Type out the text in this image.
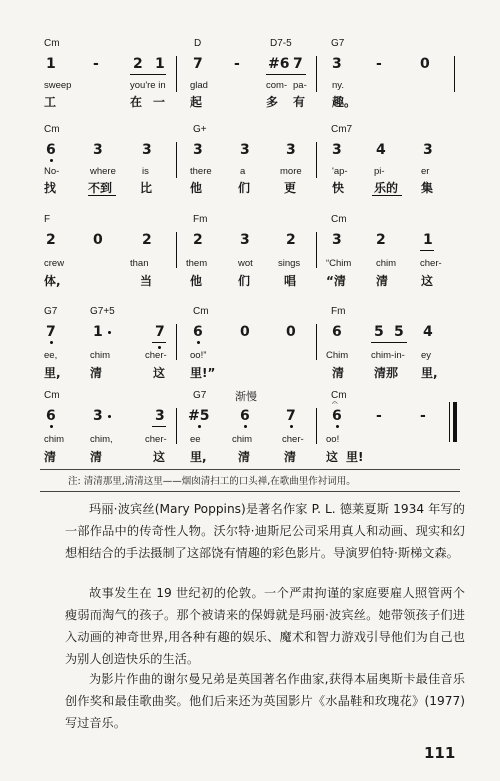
Cm	D	D7-5	G7
1	- 2 1 7 - #6 7 3 -	0
sweep	you're in	glad	com- pa-	ny.
工	在 一 起	多 有 趣。
Cm	G+	Cm7
6	3	3	3	3	3	3 4	3
No-	where	is	there	a	more	'ap-	pi-	er
找	不到 比	他	们	更	快 乐的 集
F	Fm	Cm
2	0	2	2	3	2	3 2	1
crew	than	them	wot	sings	“Chim	chim	cher-
体,	当	他	们	唱 “清	清	这
G7	G7+5	Cm	Fm
7	1	7 6	0	0	6 5 5 4
ee,	chim	cher- oo!”	Chim chim-in- ey
里, 清	这 里!”	清 清那 里,
Cm	G7	渐慢	Cm
𝄐
6	3	3 #5 6	7	6 -	-
chim	chim,	cher- ee	chim	cher- oo!
清	清	这 里,	清	清 这 里!
注: 清清那里,清清这里——烟囱清扫工的口头禅,在歌曲里作衬词用。

玛丽·波宾丝(Mary Poppins)是著名作家 P. L. 德莱夏斯 1934 年写的一部作品中的传奇性人物。沃尔特·迪斯尼公司采用真人和动画、现实和幻想相结合的手法摄制了这部饶有情趣的彩色影片。导演罗伯特·斯梯文森。

故事发生在 19 世纪初的伦敦。一个严肃拘谨的家庭要雇人照管两个瘦弱而淘气的孩子。那个被请来的保姆就是玛丽·波宾丝。她带领孩子们进入动画的神奇世界,用各种有趣的娱乐、魔术和智力游戏引导他们为自己也为别人创造快乐的生活。

为影片作曲的谢尔曼兄弟是英国著名作曲家,获得本届奥斯卡最佳音乐创作奖和最佳歌曲奖。他们后来还为英国影片《水晶鞋和玫瑰花》(1977)写过音乐。

111
